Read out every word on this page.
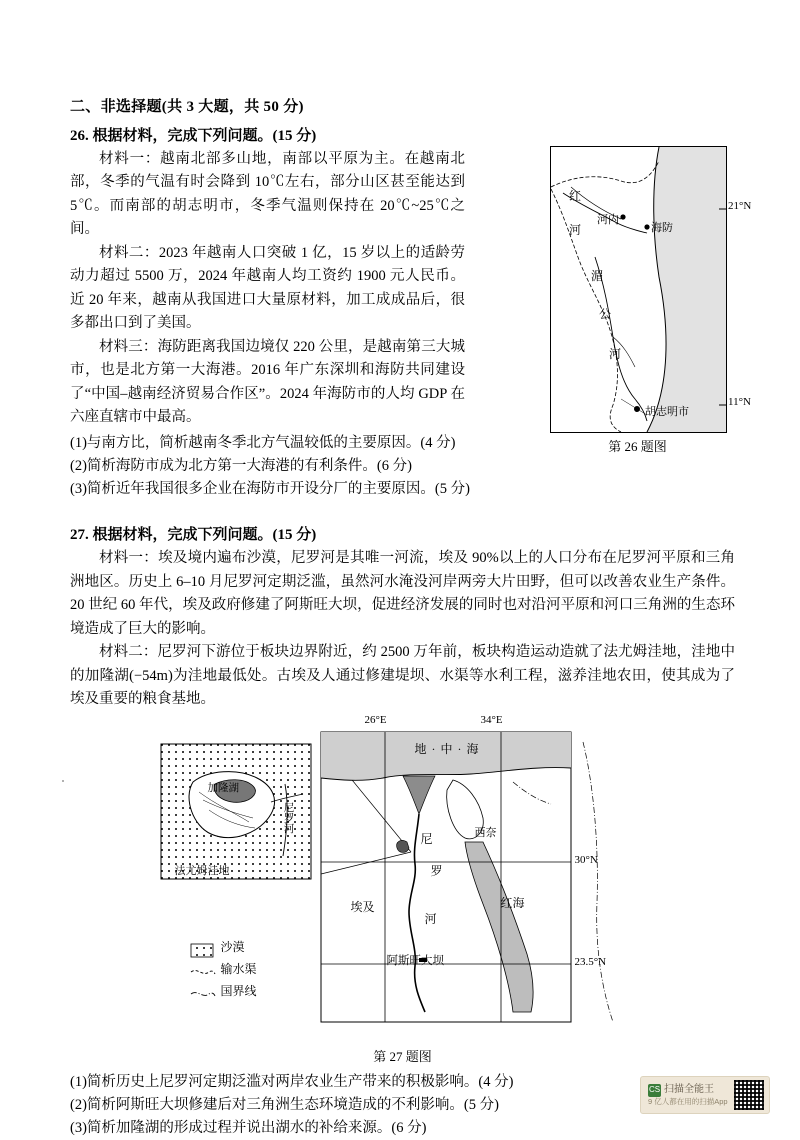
二、非选择题(共 3 大题，共 50 分)
26. 根据材料，完成下列问题。(15 分)

材料一：越南北部多山地，南部以平原为主。在越南北部，冬季的气温有时会降到 10℃左右，部分山区甚至能达到 5℃。而南部的胡志明市，冬季气温则保持在 20℃~25℃之间。

材料二：2023 年越南人口突破 1 亿，15 岁以上的适龄劳动力超过 5500 万，2024 年越南人均工资约 1900 元人民币。近 20 年来，越南从我国进口大量原材料，加工成成品后，很多都出口到了美国。

材料三：海防距离我国边境仅 220 公里，是越南第三大城市，也是北方第一大海港。2016 年广东深圳和海防共同建设了“中国–越南经济贸易合作区”。2024 年海防市的人均 GDP 在六座直辖市中最高。

(1)与南方比，简析越南冬季北方气温较低的主要原因。(4 分)

(2)简析海防市成为北方第一大海港的有利条件。(6 分)

(3)简析近年我国很多企业在海防市开设分厂的主要原因。(5 分)

红
河
河内
海防
湄
公
河
胡志明市
21°N
11°N
第 26 题图
27. 根据材料，完成下列问题。(15 分)

材料一：埃及境内遍布沙漠，尼罗河是其唯一河流，埃及 90%以上的人口分布在尼罗河平原和三角洲地区。历史上 6–10 月尼罗河定期泛滥，虽然河水淹没河岸两旁大片田野，但可以改善农业生产条件。20 世纪 60 年代，埃及政府修建了阿斯旺大坝，促进经济发展的同时也对沿河平原和河口三角洲的生态环境造成了巨大的影响。

材料二：尼罗河下游位于板块边界附近，约 2500 万年前，板块构造运动造就了法尤姆洼地，洼地中的加隆湖(−54m)为洼地最低处。古埃及人通过修建堤坝、水渠等水利工程，滋养洼地农田，使其成为了埃及重要的粮食基地。

地 · 中 · 海
尼
罗
河
埃及
西奈
红海
阿斯旺大坝
加隆湖
法尤姆洼地
尼罗河
沙漠
输水渠
国界线
26°E	34°E
30°N
23.5°N
第 27 题图

(1)简析历史上尼罗河定期泛滥对两岸农业生产带来的积极影响。(4 分)

(2)简析阿斯旺大坝修建后对三角洲生态环境造成的不利影响。(5 分)

(3)简析加隆湖的形成过程并说出湖水的补给来源。(6 分)

CS 扫描全能王
9 亿人都在用的扫描App
